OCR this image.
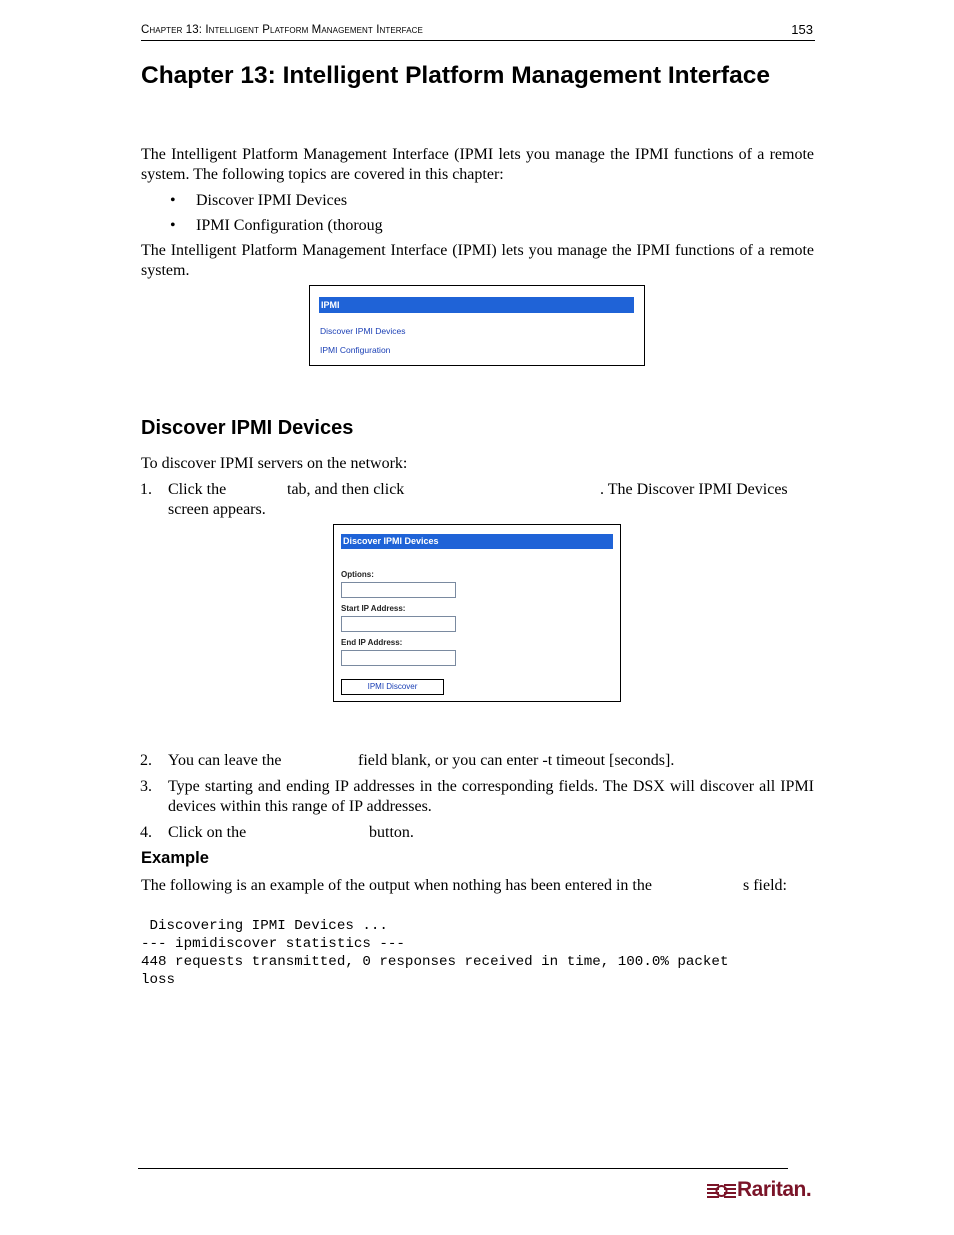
Chapter 13: Intelligent Platform Management Interface	153
Chapter 13: Intelligent Platform Management Interface
The Intelligent Platform Management Interface (IPMI lets you manage the IPMI functions of a remote system. The following topics are covered in this chapter:
• Discover IPMI Devices
• IPMI Configuration (thoroug
The Intelligent Platform Management Interface (IPMI) lets you manage the IPMI functions of a remote system.
IPMI
Discover IPMI Devices
IPMI Configuration
Discover IPMI Devices
To discover IPMI servers on the network:
1. Click the	tab, and then click	. The Discover IPMI Devices
screen appears.
Discover IPMI Devices
Options:
Start IP Address:
End IP Address:
IPMI Discover
2. You can leave the	field blank, or you can enter -t timeout [seconds].
3. Type starting and ending IP addresses in the corresponding fields. The DSX will discover all IPMI devices within this range of IP addresses.
4. Click on the	button.
Example
The following is an example of the output when nothing has been entered in the	s field:
Discovering IPMI Devices ...
--- ipmidiscover statistics ---
448 requests transmitted, 0 responses received in time, 100.0% packet
loss
Raritan.
